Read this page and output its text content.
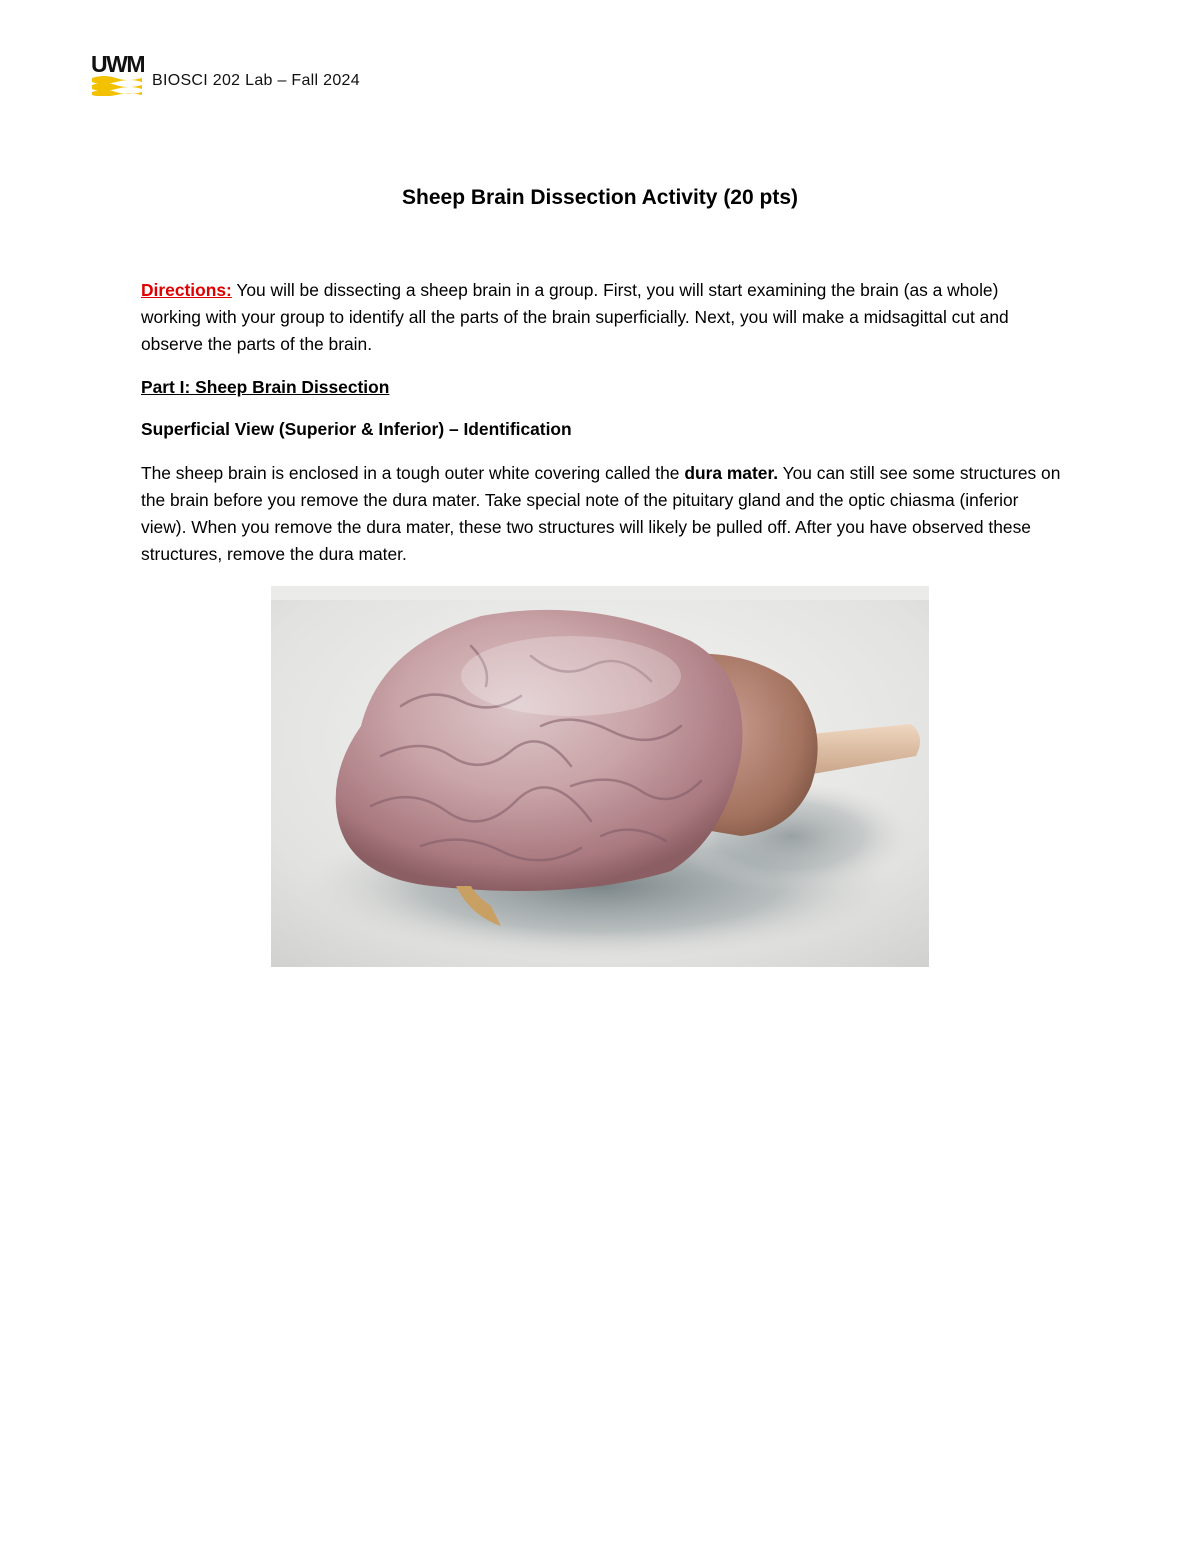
UWM
BIOSCI 202 Lab – Fall 2024
Sheep Brain Dissection Activity (20 pts)
Directions: You will be dissecting a sheep brain in a group. First, you will start examining the brain (as a whole) working with your group to identify all the parts of the brain superficially. Next, you will make a midsagittal cut and observe the parts of the brain.
Part I: Sheep Brain Dissection
Superficial View (Superior & Inferior) – Identification
The sheep brain is enclosed in a tough outer white covering called the dura mater. You can still see some structures on the brain before you remove the dura mater. Take special note of the pituitary gland and the optic chiasma (inferior view). When you remove the dura mater, these two structures will likely be pulled off. After you have observed these structures, remove the dura mater.
